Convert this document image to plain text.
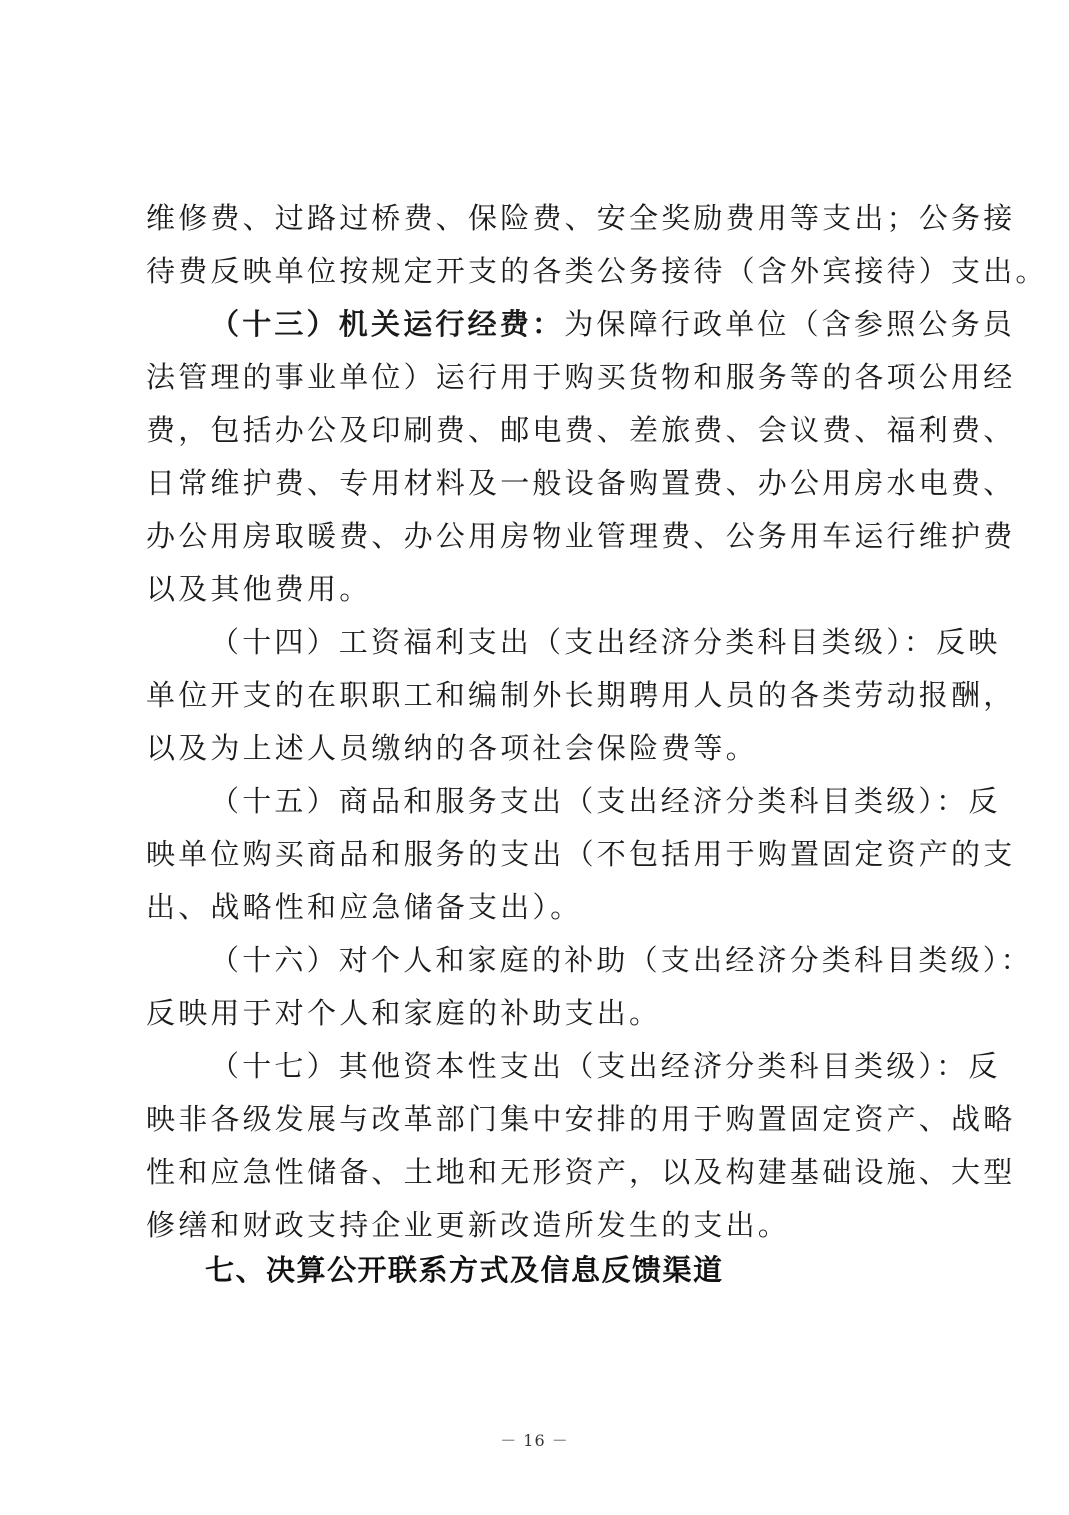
维修费、过路过桥费、保险费、安全奖励费用等支出；公务接
待费反映单位按规定开支的各类公务接待（含外宾接待）支出。
（十三）机关运行经费：为保障行政单位（含参照公务员
法管理的事业单位）运行用于购买货物和服务等的各项公用经
费，包括办公及印刷费、邮电费、差旅费、会议费、福利费、
日常维护费、专用材料及一般设备购置费、办公用房水电费、
办公用房取暖费、办公用房物业管理费、公务用车运行维护费
以及其他费用。
（十四）工资福利支出（支出经济分类科目类级）：反映
单位开支的在职职工和编制外长期聘用人员的各类劳动报酬，
以及为上述人员缴纳的各项社会保险费等。
（十五）商品和服务支出（支出经济分类科目类级）：反
映单位购买商品和服务的支出（不包括用于购置固定资产的支
出、战略性和应急储备支出）。
（十六）对个人和家庭的补助（支出经济分类科目类级）：
反映用于对个人和家庭的补助支出。
（十七）其他资本性支出（支出经济分类科目类级）：反
映非各级发展与改革部门集中安排的用于购置固定资产、战略
性和应急性储备、土地和无形资产，以及构建基础设施、大型
修缮和财政支持企业更新改造所发生的支出。
七、决算公开联系方式及信息反馈渠道
－ 16 －
